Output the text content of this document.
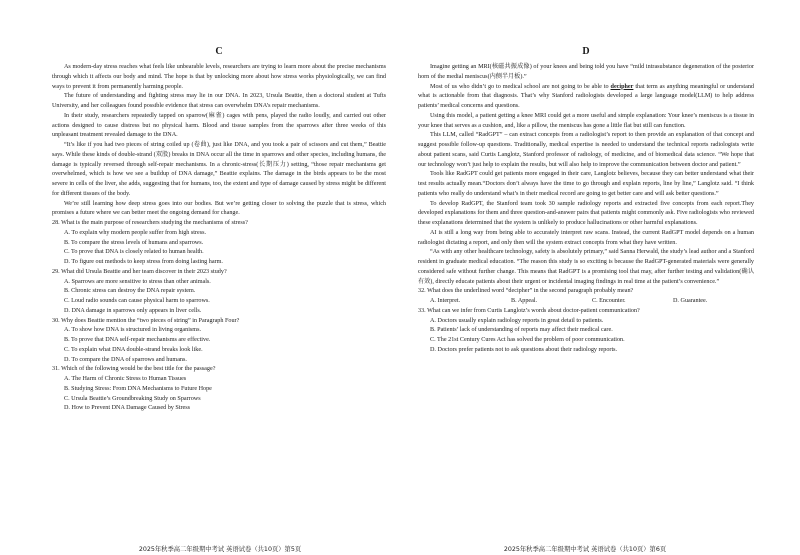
C

As modern-day stress reaches what feels like unbearable levels, researchers are trying to learn more about the precise mechanisms through which it affects our body and mind. The hope is that by unlocking more about how stress works physiologically, we can find ways to prevent it from permanently harming people.

The future of understanding and fighting stress may lie in our DNA. In 2023, Ursula Beattie, then a doctoral student at Tufts University, and her colleagues found possible evidence that stress can overwhelm DNA’s repair mechanisms.

In their study, researchers repeatedly tapped on sparrow(麻雀) cages with pens, played the radio loudly, and carried out other actions designed to cause distress but no physical harm. Blood and tissue samples from the sparrows after three weeks of this unpleasant treatment revealed damage to the DNA.

“It’s like if you had two pieces of string coiled up (卷曲), just like DNA, and you took a pair of scissors and cut them,” Beattie says. While these kinds of double-strand (双股) breaks in DNA occur all the time in sparrows and other species, including humans, the damage is typically reversed through self-repair mechanisms. In a chronic-stress(长期压力) setting, “those repair mechanisms get overwhelmed, which is how we see a buildup of DNA damage,” Beattie explains. The damage in the birds appears to be the most severe in cells of the liver, she adds, suggesting that for humans, too, the extent and type of damage caused by stress might be different for different tissues of the body.

We’re still learning how deep stress goes into our bodies. But we’re getting closer to solving the puzzle that is stress, which promises a future where we can better meet the ongoing demand for change.

28. What is the main purpose of researchers studying the mechanisms of stress?

A. To explain why modern people suffer from high stress.

B. To compare the stress levels of humans and sparrows.

C. To prove that DNA is closely related to human health.

D. To figure out methods to keep stress from doing lasting harm.

29. What did Ursula Beattie and her team discover in their 2023 study?

A. Sparrows are more sensitive to stress than other animals.

B. Chronic stress can destroy the DNA repair system.

C. Loud radio sounds can cause physical harm to sparrows.

D. DNA damage in sparrows only appears in liver cells.

30. Why does Beattie mention the “two pieces of string” in Paragraph Four?

A. To show how DNA is structured in living organisms.

B. To prove that DNA self-repair mechanisms are effective.

C. To explain what DNA double-strand breaks look like.

D. To compare the DNA of sparrows and humans.

31. Which of the following would be the best title for the passage?

A. The Harm of Chronic Stress to Human Tissues

B. Studying Stress: From DNA Mechanisms to Future Hope

C. Ursula Beattie’s Groundbreaking Study on Sparrows

D. How to Prevent DNA Damage Caused by Stress

2025年秋季高二年级期中考试 英语试卷（共10页）第5页
D

Imagine getting an MRI(核磁共振成像) of your knees and being told you have “mild intrasubstance degeneration of the posterior horn of the medial meniscus(内侧半月板).”

Most of us who didn’t go to medical school are not going to be able to decipher that term as anything meaningful or understand what is actionable from that diagnosis. That’s why Stanford radiologists developed a large language model(LLM) to help address patients’ medical concerns and questions.

Using this model, a patient getting a knee MRI could get a more useful and simple explanation: Your knee’s meniscus is a tissue in your knee that serves as a cushion, and, like a pillow, the meniscus has gone a little flat but still can function.

This LLM, called “RadGPT” – can extract concepts from a radiologist’s report to then provide an explanation of that concept and suggest possible follow-up questions. Traditionally, medical expertise is needed to understand the technical reports radiologists write about patient scans, said Curtis Langlotz, Stanford professor of radiology, of medicine, and of biomedical data science. “We hope that our technology won’t just help to explain the results, but will also help to improve the communication between doctor and patient.”

Tools like RadGPT could get patients more engaged in their care, Langlotz believes, because they can better understand what their test results actually mean.“Doctors don’t always have the time to go through and explain reports, line by line,” Langlotz said. “I think patients who really do understand what’s in their medical record are going to get better care and will ask better questions.”

To develop RadGPT, the Stanford team took 30 sample radiology reports and extracted five concepts from each report.They developed explanations for them and three question-and-answer pairs that patients might commonly ask. Five radiologists who reviewed these explanations determined that the system is unlikely to produce hallucinations or other harmful explanations.

AI is still a long way from being able to accurately interpret raw scans. Instead, the current RadGPT model depends on a human radiologist dictating a report, and only then will the system extract concepts from what they have written.

“As with any other healthcare technology, safety is absolutely primary,” said Sanna Herwald, the study’s lead author and a Stanford resident in graduate medical education. “The reason this study is so exciting is because the RadGPT-generated materials were generally considered safe without further change. This means that RadGPT is a promising tool that may, after further testing and validation(确认有效), directly educate patients about their urgent or incidental imaging findings in real time at the patient’s convenience.”

32. What does the underlined word “decipher” in the second paragraph probably mean?

A. Interpret.	B. Appeal.	C. Encounter.	D. Guarantee.

33. What can we infer from Curtis Langlotz’s words about doctor-patient communication?

A. Doctors usually explain radiology reports in great detail to patients.

B. Patients’ lack of understanding of reports may affect their medical care.

C. The 21st Century Cures Act has solved the problem of poor communication.

D. Doctors prefer patients not to ask questions about their radiology reports.

2025年秋季高二年级期中考试 英语试卷（共10页）第6页
